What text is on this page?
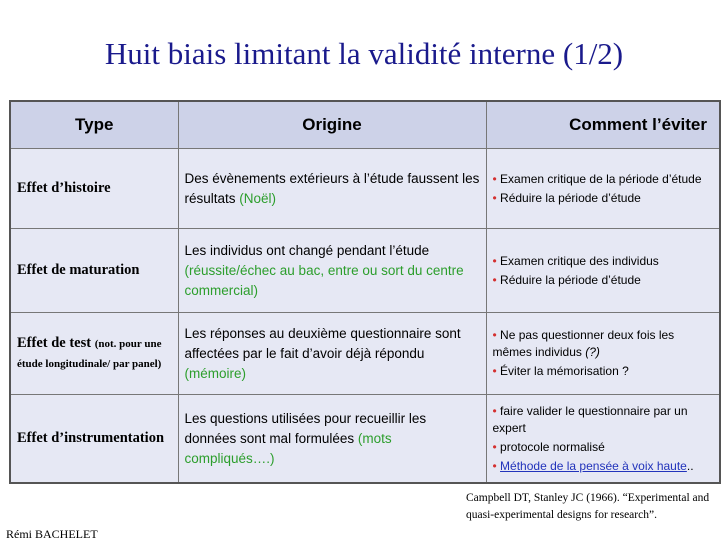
Huit biais limitant la validité interne (1/2)
Type	Origine	Comment l’éviter
Effet d’histoire	Des évènements extérieurs à l’étude faussent les résultats (Noël)	• Examen critique de la période d’étude
• Réduire la période d’étude

Effet de maturation	Les individus ont changé pendant l’étude (réussite/échec au bac, entre ou sort du centre commercial)	• Examen critique des individus
• Réduire la période d’étude

Effet de test (not. pour une étude longitudinale/ par panel)	Les réponses au deuxième questionnaire sont affectées par le fait d’avoir déjà répondu (mémoire)	• Ne pas questionner deux fois les mêmes individus (?)
• Éviter la mémorisation ?

Effet d’instrumentation	Les questions utilisées pour recueillir les données sont mal formulées (mots compliqués….)	• faire valider le questionnaire par un expert
• protocole normalisé
• Méthode de la pensée à voix haute..
Campbell DT, Stanley JC (1966). “Experimental and quasi-experimental designs for research”.
Rémi BACHELET
